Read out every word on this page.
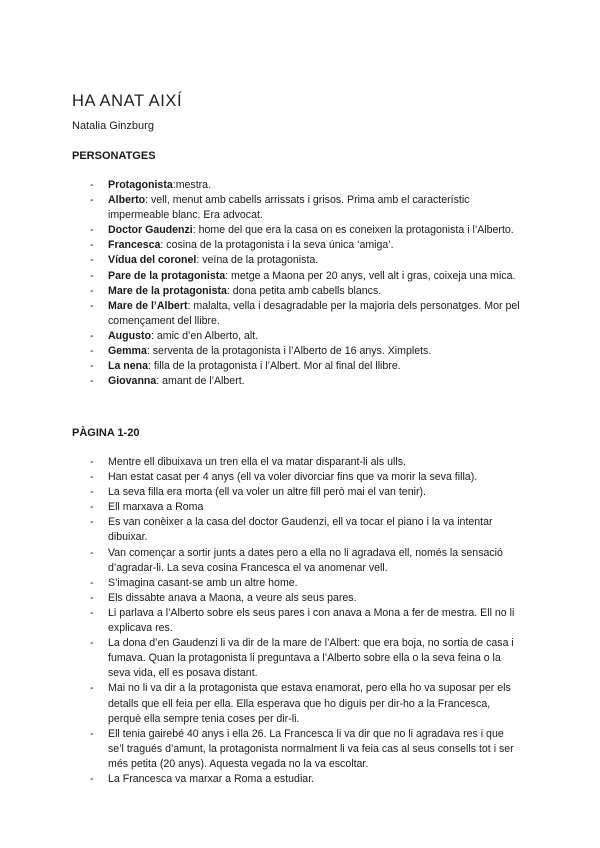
HA ANAT AIXÍ

Natalia Ginzburg

PERSONATGES

- Protagonista:mestra.
- Alberto: vell, menut amb cabells arrissats i grisos. Prima amb el característic impermeable blanc. Era advocat.
- Doctor Gaudenzi: home del que era la casa on es coneixen la protagonista i l’Alberto.
- Francesca: cosina de la protagonista i la seva única ‘amiga’.
- Vídua del coronel: veïna de la protagonista.
- Pare de la protagonista: metge a Maona per 20 anys, vell alt i gras, coixeja una mica.
- Mare de la protagonista: dona petita amb cabells blancs.
- Mare de l’Albert: malalta, vella i desagradable per la majoria dels personatges. Mor pel començament del llibre.
- Augusto: amic d’en Alberto, alt.
- Gemma: serventa de la protagonista i l’Alberto de 16 anys. Ximplets.
- La nena: filla de la protagonista i l’Albert. Mor al final del llibre.
- Giovanna: amant de l’Albert.

PÀGINA 1-20

- Mentre ell dibuixava un tren ella el va matar disparant-li als ulls.
- Han estat casat per 4 anys (ell va voler divorciar fins que va morir la seva filla).
- La seva filla era morta (ell va voler un altre fill però mai el van tenir).
- Ell marxava a Roma
- Es van conèixer a la casa del doctor Gaudenzi, ell va tocar el piano i la va intentar dibuixar.
- Van començar a sortir junts a dates pero a ella no li agradava ell, només la sensació d’agradar-li. La seva cosina Francesca el va anomenar vell.
- S’imagina casant-se amb un altre home.
- Els dissabte anava a Maona, a veure als seus pares.
- Li parlava a l’Alberto sobre els seus pares i con anava a Mona a fer de mestra. Ell no li explicava res.
- La dona d’en Gaudenzi li va dir de la mare de l’Albert: que era boja, no sortia de casa i fumava. Quan la protagonista li preguntava a l’Alberto sobre ella o la seva feina o la seva vida, ell es posava distant.
- Mai no li va dir a la protagonista que estava enamorat, pero ella ho va suposar per els detalls que ell feia per ella. Ella esperava que ho diguis per dir-ho a la Francesca, perquè ella sempre tenia coses per dir-li.
- Ell tenia gairebé 40 anys i ella 26. La Francesca li va dir que no li agradava res i que se’l tragués d’amunt, la protagonista normalment li va feia cas al seus consells tot i ser més petita (20 anys). Aquesta vegada no la va escoltar.
- La Francesca va marxar a Roma a estudiar.
